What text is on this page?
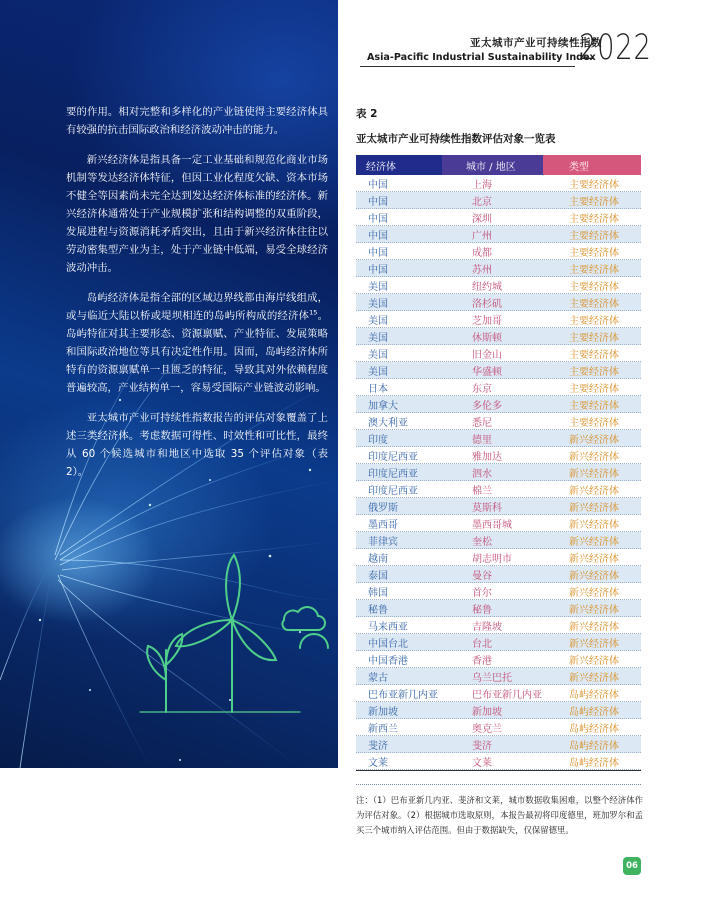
要的作用。相对完整和多样化的产业链使得主要经济体具有较强的抗击国际政治和经济波动冲击的能力。

新兴经济体是指具备一定工业基础和规范化商业市场机制等发达经济体特征，但因工业化程度欠缺、资本市场不健全等因素尚未完全达到发达经济体标准的经济体。新兴经济体通常处于产业规模扩张和结构调整的双重阶段，发展进程与资源消耗矛盾突出，且由于新兴经济体往往以劳动密集型产业为主，处于产业链中低端，易受全球经济波动冲击。

岛屿经济体是指全部的区域边界线都由海岸线组成，或与临近大陆以桥或堤坝相连的岛屿所构成的经济体$^{15}$。岛屿特征对其主要形态、资源禀赋、产业特征、发展策略和国际政治地位等具有决定性作用。因而，岛屿经济体所特有的资源禀赋单一且匮乏的特征，导致其对外依赖程度普遍较高，产业结构单一，容易受国际产业链波动影响。

亚太城市产业可持续性指数报告的评估对象覆盖了上述三类经济体。考虑数据可得性、时效性和可比性，最终从 60 个候选城市和地区中选取 35 个评估对象（表 2）。

亚太城市产业可持续性指数
Asia-Pacific Industrial Sustainability Index
2022
表 2
亚太城市产业可持续性指数评估对象一览表
经济体	城市 / 地区	类型
中国	上海	主要经济体
中国	北京	主要经济体
中国	深圳	主要经济体
中国	广州	主要经济体
中国	成都	主要经济体
中国	苏州	主要经济体
美国	纽约城	主要经济体
美国	洛杉矶	主要经济体
美国	芝加哥	主要经济体
美国	休斯顿	主要经济体
美国	旧金山	主要经济体
美国	华盛顿	主要经济体
日本	东京	主要经济体
加拿大	多伦多	主要经济体
澳大利亚	悉尼	主要经济体
印度	德里	新兴经济体
印度尼西亚	雅加达	新兴经济体
印度尼西亚	泗水	新兴经济体
印度尼西亚	棉兰	新兴经济体
俄罗斯	莫斯科	新兴经济体
墨西哥	墨西哥城	新兴经济体
菲律宾	奎松	新兴经济体
越南	胡志明市	新兴经济体
泰国	曼谷	新兴经济体
韩国	首尔	新兴经济体
秘鲁	秘鲁	新兴经济体
马来西亚	吉隆坡	新兴经济体
中国台北	台北	新兴经济体
中国香港	香港	新兴经济体
蒙古	乌兰巴托	新兴经济体
巴布亚新几内亚	巴布亚新几内亚	岛屿经济体
新加坡	新加坡	岛屿经济体
新西兰	奥克兰	岛屿经济体
斐济	斐济	岛屿经济体
文莱	文莱	岛屿经济体
注：（1）巴布亚新几内亚、斐济和文莱，城市数据收集困难，以整个经济体作为评估对象。（2）根据城市选取原则，本报告最初将印度德里，班加罗尔和孟买三个城市纳入评估范围。但由于数据缺失，仅保留德里。
06
